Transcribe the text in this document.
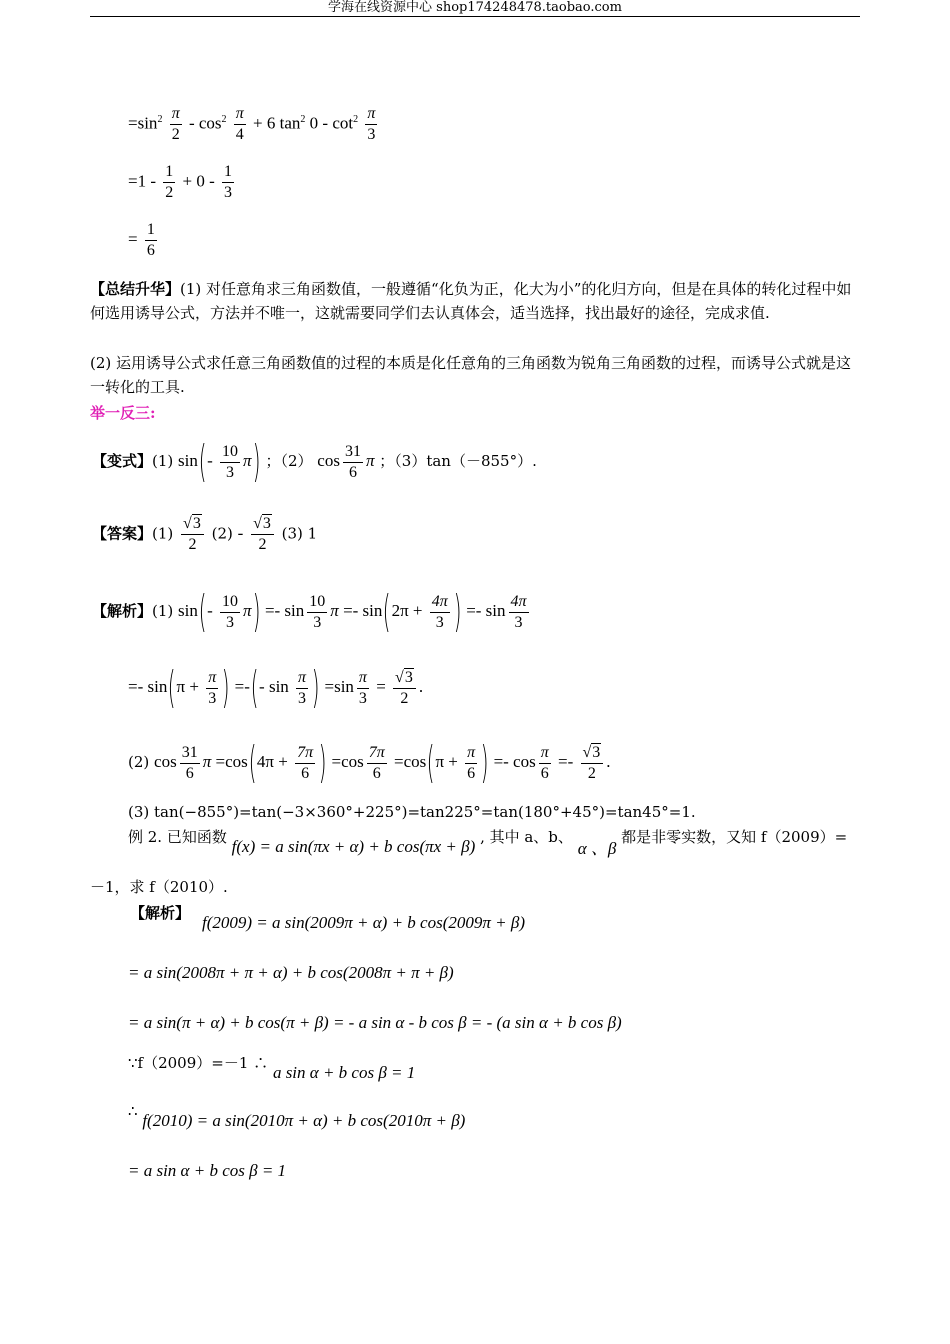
学海在线资源中心 shop174248478.taobao.com
$=\sin^2 \frac{\pi}{2} - \cos^2 \frac{\pi}{4} + 6$ $\tan^2 0 - \cot^2 \frac{\pi}{3}$
$=1 - \frac{1}{2} + 0 - \frac{1}{3}$
= $\frac{1}{6}$
【总结升华】(1) 对任意角求三角函数值，一般遵循“化负为正，化大为小”的化归方向，但是在具体的转化过程中如何选用诱导公式，方法并不唯一，这就需要同学们去认真体会，适当选择，找出最好的途径，完成求值.
(2) 运用诱导公式求任意三角函数值的过程的本质是化任意角的三角函数为锐角三角函数的过程，而诱导公式就是这一转化的工具.
举一反三:
【变式】(1) $\sin(- \frac{10}{3} \pi)$ ；（2） $\cos \frac{31}{6}$ π ；（3）tan（－855°）.
【答案】$(1) \frac{√3}{2} (2) - \frac{√3}{2} (3)$ 1
【解析】(1) $\sin(- \frac{10}{3} \pi) =- \sin \frac{10}{3}$ $\pi =- \sin(2\pi + \frac{4\pi}{3}$ ) =- $\sin \frac{4\pi}{3}$
=- $\sin(\pi + \frac{\pi}{3}$ ) =-(- $\sin \frac{\pi}{3}$ ) $=\sin \frac{\pi}{3} = \frac{√3}{2}$ .
(2) $\cos \frac{31}{6}$ $\pi =\cos(4\pi + \frac{7\pi}{6}$ ) $=\cos \frac{7\pi}{6} =\cos(\pi + \frac{\pi}{6}$ ) =- $\cos \frac{\pi}{6} =- \frac{√3}{2}$ .
(3) tan(−855°)=tan(−3×360°+225°)=tan225°=tan(180°+45°)=tan45°=1.
例 2. 已知函数 f(x) = a sin(πx + α) + b cos(πx + β) , 其中 a、b、 α 、β 都是非零实数，又知 f（2009）=
－1，求 f（2010）.
【解析】 f(2009) = a sin(2009π + α) + b cos(2009π + β)
= a sin(2008π + π + α) + b cos(2008π + π + β)
= a sin(π + α) + b cos(π + β) = - a sin α - b cos β = - (a sin α + b cos β)
∵f（2009）=－1 ∴ a sin α + b cos β = 1
∴ f(2010) = a sin(2010π + α) + b cos(2010π + β)
= a sin α + b cos β = 1
